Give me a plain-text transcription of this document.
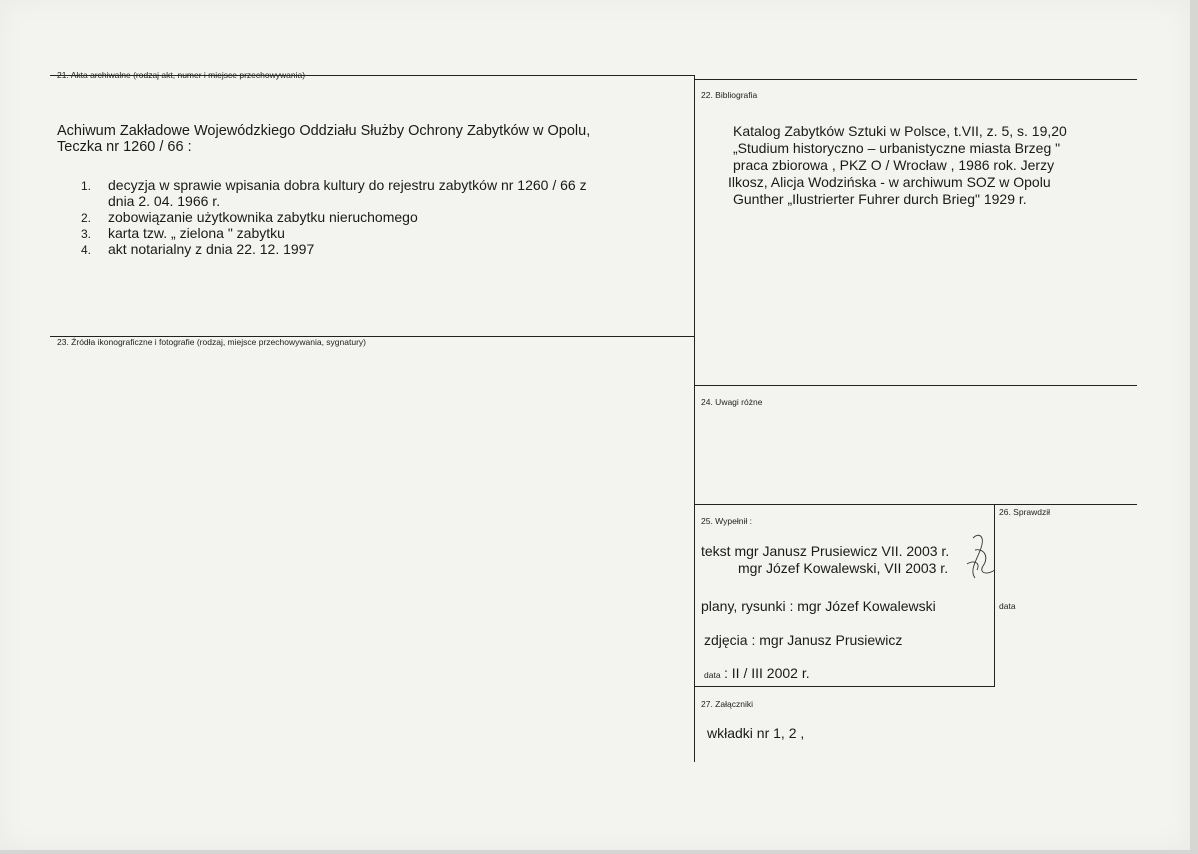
21. Akta archiwalne (rodzaj akt, numer i miejsce przechowywania)
Achiwum Zakładowe Wojewódzkiego Oddziału Służby Ochrony Zabytków w Opolu,
Teczka nr 1260 / 66 :
1. decyzja w sprawie wpisania dobra kultury do rejestru zabytków nr 1260 / 66 z
dnia 2. 04. 1966 r.
2. zobowiązanie użytkownika zabytku nieruchomego
3. karta tzw. „ zielona " zabytku
4. akt notarialny z dnia 22. 12. 1997
22. Bibliografia
Katalog Zabytków Sztuki w Polsce, t.VII, z. 5, s. 19,20
„Studium historyczno – urbanistyczne miasta Brzeg "
praca zbiorowa , PKZ O / Wrocław , 1986 rok. Jerzy
Ilkosz, Alicja Wodzińska - w archiwum SOZ w Opolu
Gunther „Ilustrierter Fuhrer durch Brieg" 1929 r.
23. Źródła ikonograficzne i fotografie (rodzaj, miejsce przechowywania, sygnatury)
24. Uwagi różne
25. Wypełnił :
tekst mgr Janusz Prusiewicz VII. 2003 r.
mgr Józef Kowalewski, VII 2003 r.
plany, rysunki : mgr Józef Kowalewski
zdjęcia : mgr Janusz Prusiewicz
data : II / III 2002 r.
26. Sprawdził
data
27. Załączniki
wkładki nr 1, 2 ,
